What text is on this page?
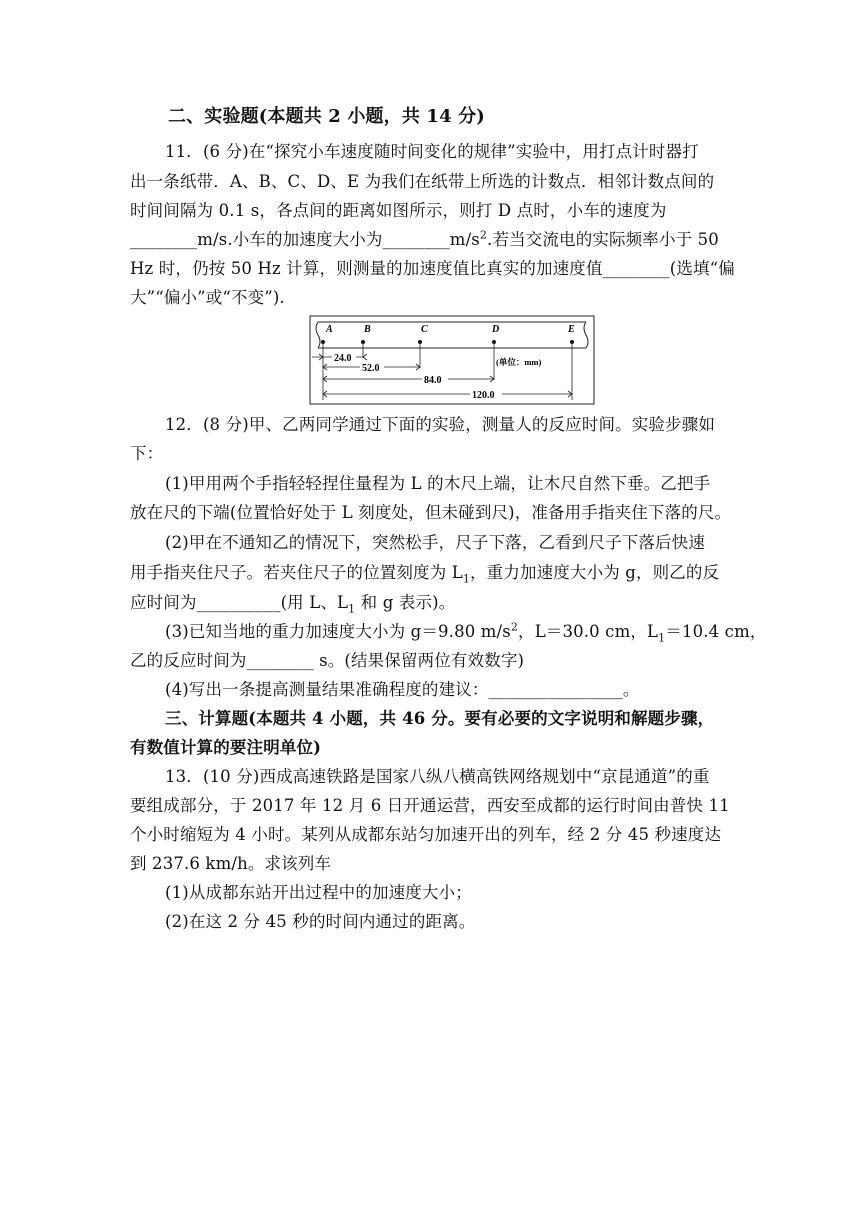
二、实验题(本题共 2 小题，共 14 分)
11．(6 分)在“探究小车速度随时间变化的规律”实验中，用打点计时器打
出一条纸带．A、B、C、D、E 为我们在纸带上所选的计数点．相邻计数点间的
时间间隔为 0.1 s，各点间的距离如图所示，则打 D 点时，小车的速度为
________m/s.小车的加速度大小为$\_\_\_\_\_\_\_\_m/s^2$.若当交流电的实际频率小于 50
Hz 时，仍按 50 Hz 计算，则测量的加速度值比真实的加速度值________(选填“偏
大”“偏小”或“不变”).
A	B	C	D	E
24.0
52.0
84.0
120.0
(单位：mm)
12．(8 分)甲、乙两同学通过下面的实验，测量人的反应时间。实验步骤如
下：
(1)甲用两个手指轻轻捏住量程为 L 的木尺上端，让木尺自然下垂。乙把手
放在尺的下端(位置恰好处于 L 刻度处，但未碰到尺)，准备用手指夹住下落的尺。
(2)甲在不通知乙的情况下，突然松手，尺子下落，乙看到尺子下落后快速
用手指夹住尺子。若夹住尺子的位置刻度为 $L_1$，重力加速度大小为 g，则乙的反
应时间为__________(用 L、$L_1$ 和 g 表示)。
(3)已知当地的重力加速度大小为 g＝9.80 $m/s^2$，L＝30.0 cm，$L_1=10.4$ cm，
乙的反应时间为________ s。(结果保留两位有效数字)
(4)写出一条提高测量结果准确程度的建议：________________。
三、计算题(本题共 4 小题，共 46 分。要有必要的文字说明和解题步骤，
有数值计算的要注明单位)
13．(10 分)西成高速铁路是国家八纵八横高铁网络规划中“京昆通道”的重
要组成部分，于 2017 年 12 月 6 日开通运营，西安至成都的运行时间由普快 11
个小时缩短为 4 小时。某列从成都东站匀加速开出的列车，经 2 分 45 秒速度达
到 237.6 km/h。求该列车
(1)从成都东站开出过程中的加速度大小；
(2)在这 2 分 45 秒的时间内通过的距离。
